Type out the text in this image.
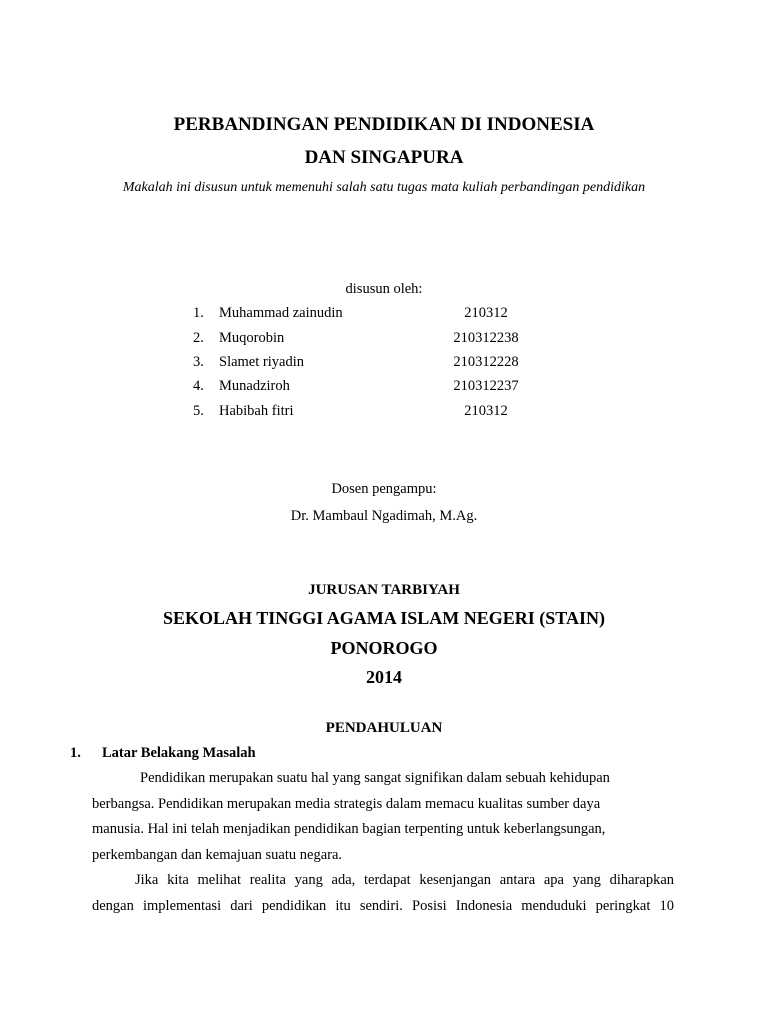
PERBANDINGAN PENDIDIKAN DI INDONESIA
DAN SINGAPURA
Makalah ini disusun untuk memenuhi salah satu tugas mata kuliah perbandingan pendidikan
disusun oleh:
1.	Muhammad zainudin	210312
2.	Muqorobin	210312238
3.	Slamet riyadin	210312228
4.	Munadziroh	210312237
5.	Habibah fitri	210312
Dosen pengampu:
Dr. Mambaul Ngadimah, M.Ag.
JURUSAN TARBIYAH
SEKOLAH TINGGI AGAMA ISLAM NEGERI (STAIN)
PONOROGO
2014
PENDAHULUAN
1. Latar Belakang Masalah
Pendidikan merupakan suatu hal yang sangat signifikan dalam sebuah kehidupan
berbangsa. Pendidikan merupakan media strategis dalam memacu kualitas sumber daya
manusia. Hal ini telah menjadikan pendidikan bagian terpenting untuk keberlangsungan,
perkembangan dan kemajuan suatu negara.
Jika kita melihat realita yang ada, terdapat kesenjangan antara apa yang diharapkan
dengan implementasi dari pendidikan itu sendiri. Posisi Indonesia menduduki peringkat 10
